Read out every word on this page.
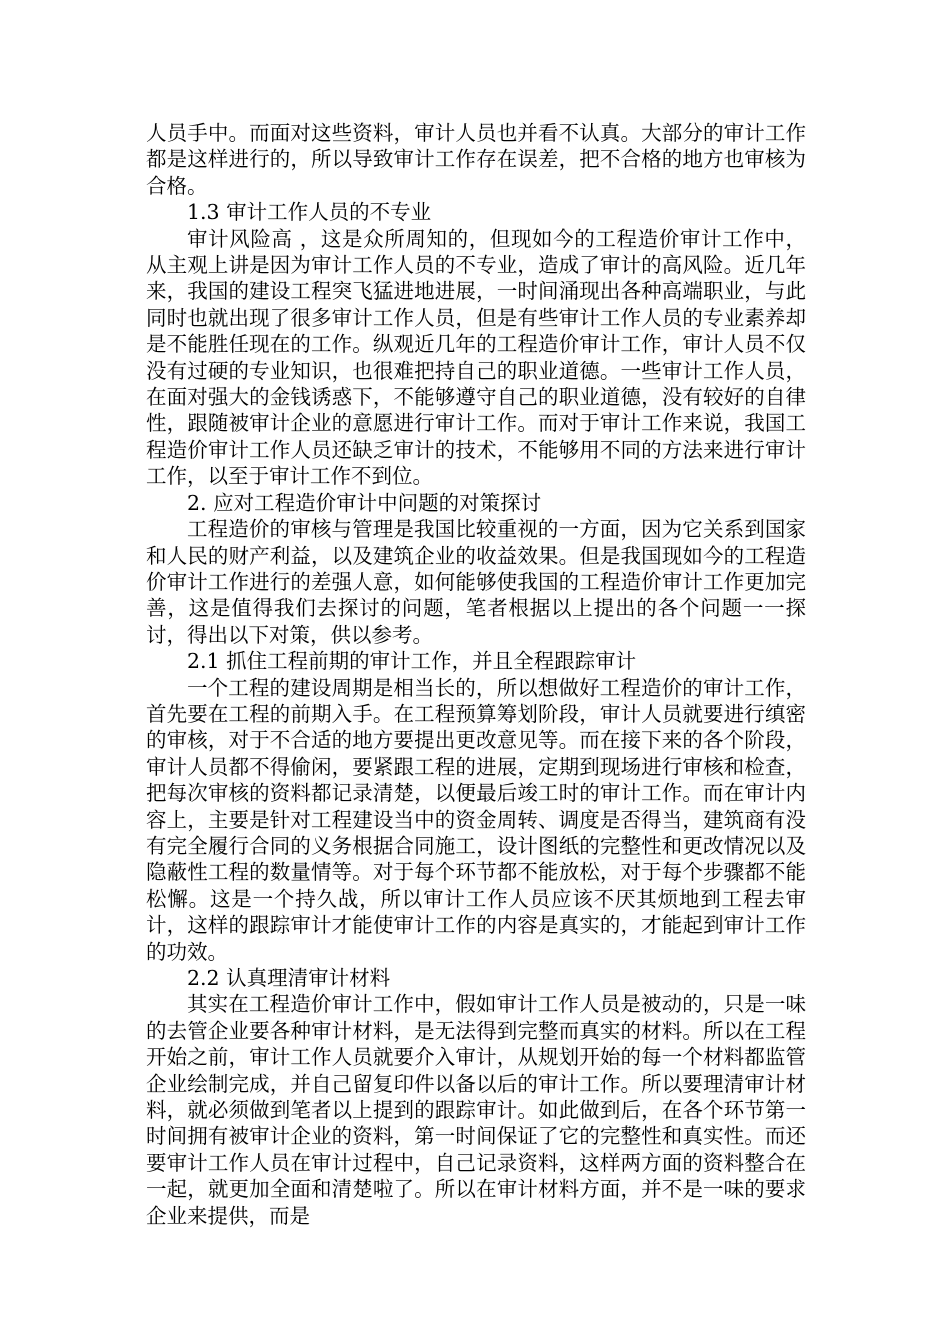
人员手中。而面对这些资料，审计人员也并看不认真。大部分的审计工作都是这样进行的，所以导致审计工作存在误差，把不合格的地方也审核为合格。

1.3 审计工作人员的不专业

审计风险高 ，这是众所周知的，但现如今的工程造价审计工作中，从主观上讲是因为审计工作人员的不专业，造成了审计的高风险。近几年来，我国的建设工程突飞猛进地进展，一时间涌现出各种高端职业，与此同时也就出现了很多审计工作人员，但是有些审计工作人员的专业素养却是不能胜任现在的工作。纵观近几年的工程造价审计工作，审计人员不仅没有过硬的专业知识，也很难把持自己的职业道德。一些审计工作人员，在面对强大的金钱诱惑下，不能够遵守自己的职业道德，没有较好的自律性，跟随被审计企业的意愿进行审计工作。而对于审计工作来说，我国工程造价审计工作人员还缺乏审计的技术，不能够用不同的方法来进行审计工作，以至于审计工作不到位。

2. 应对工程造价审计中问题的对策探讨

工程造价的审核与管理是我国比较重视的一方面，因为它关系到国家和人民的财产利益，以及建筑企业的收益效果。但是我国现如今的工程造价审计工作进行的差强人意，如何能够使我国的工程造价审计工作更加完善，这是值得我们去探讨的问题，笔者根据以上提出的各个问题一一探讨，得出以下对策，供以参考。

2.1 抓住工程前期的审计工作，并且全程跟踪审计

一个工程的建设周期是相当长的，所以想做好工程造价的审计工作，首先要在工程的前期入手。在工程预算筹划阶段，审计人员就要进行缜密的审核，对于不合适的地方要提出更改意见等。而在接下来的各个阶段，审计人员都不得偷闲，要紧跟工程的进展，定期到现场进行审核和检查，把每次审核的资料都记录清楚，以便最后竣工时的审计工作。而在审计内容上，主要是针对工程建设当中的资金周转、调度是否得当，建筑商有没有完全履行合同的义务根据合同施工，设计图纸的完整性和更改情况以及隐蔽性工程的数量情等。对于每个环节都不能放松，对于每个步骤都不能松懈。这是一个持久战，所以审计工作人员应该不厌其烦地到工程去审计，这样的跟踪审计才能使审计工作的内容是真实的，才能起到审计工作的功效。

2.2 认真理清审计材料

其实在工程造价审计工作中，假如审计工作人员是被动的，只是一味的去管企业要各种审计材料，是无法得到完整而真实的材料。所以在工程开始之前，审计工作人员就要介入审计，从规划开始的每一个材料都监管企业绘制完成，并自己留复印件以备以后的审计工作。所以要理清审计材料，就必须做到笔者以上提到的跟踪审计。如此做到后，在各个环节第一时间拥有被审计企业的资料，第一时间保证了它的完整性和真实性。而还要审计工作人员在审计过程中，自己记录资料，这样两方面的资料整合在一起，就更加全面和清楚啦了。所以在审计材料方面，并不是一味的要求企业来提供，而是
